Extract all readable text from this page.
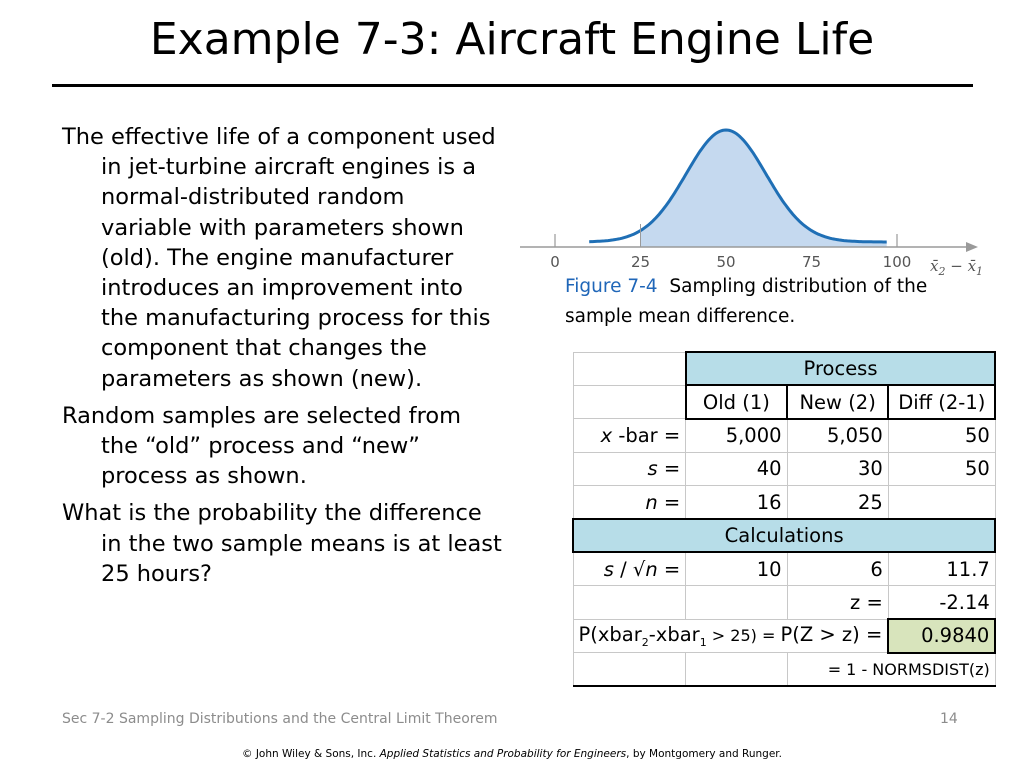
Example 7-3: Aircraft Engine Life

The effective life of a component used in jet-turbine aircraft engines is a normal-distributed random variable with parameters shown (old). The engine manufacturer introduces an improvement into the manufacturing process for this component that changes the parameters as shown (new).

Random samples are selected from the “old” process and “new” process as shown.

What is the probability the difference in the two sample means is at least 25 hours?

0	25	50	75	100 $x̄_2$ − $x̄_1$
Figure 7-4 Sampling distribution of the sample mean difference.
	Process		
	Old (1)	New (2)	Diff (2-1)
x -bar =	5,000	5,050	50
s =	40	30	50
n =	16	25	
Calculations			
s / √n =	10	6	11.7
		z =	-2.14
P(xbar$_2$-xbar$_1$ > 25) = P(Z > z) =			0.9840
		= 1 - NORMSDIST(z)	
Sec 7-2 Sampling Distributions and the Central Limit Theorem	14
© John Wiley & Sons, Inc. Applied Statistics and Probability for Engineers, by Montgomery and Runger.
